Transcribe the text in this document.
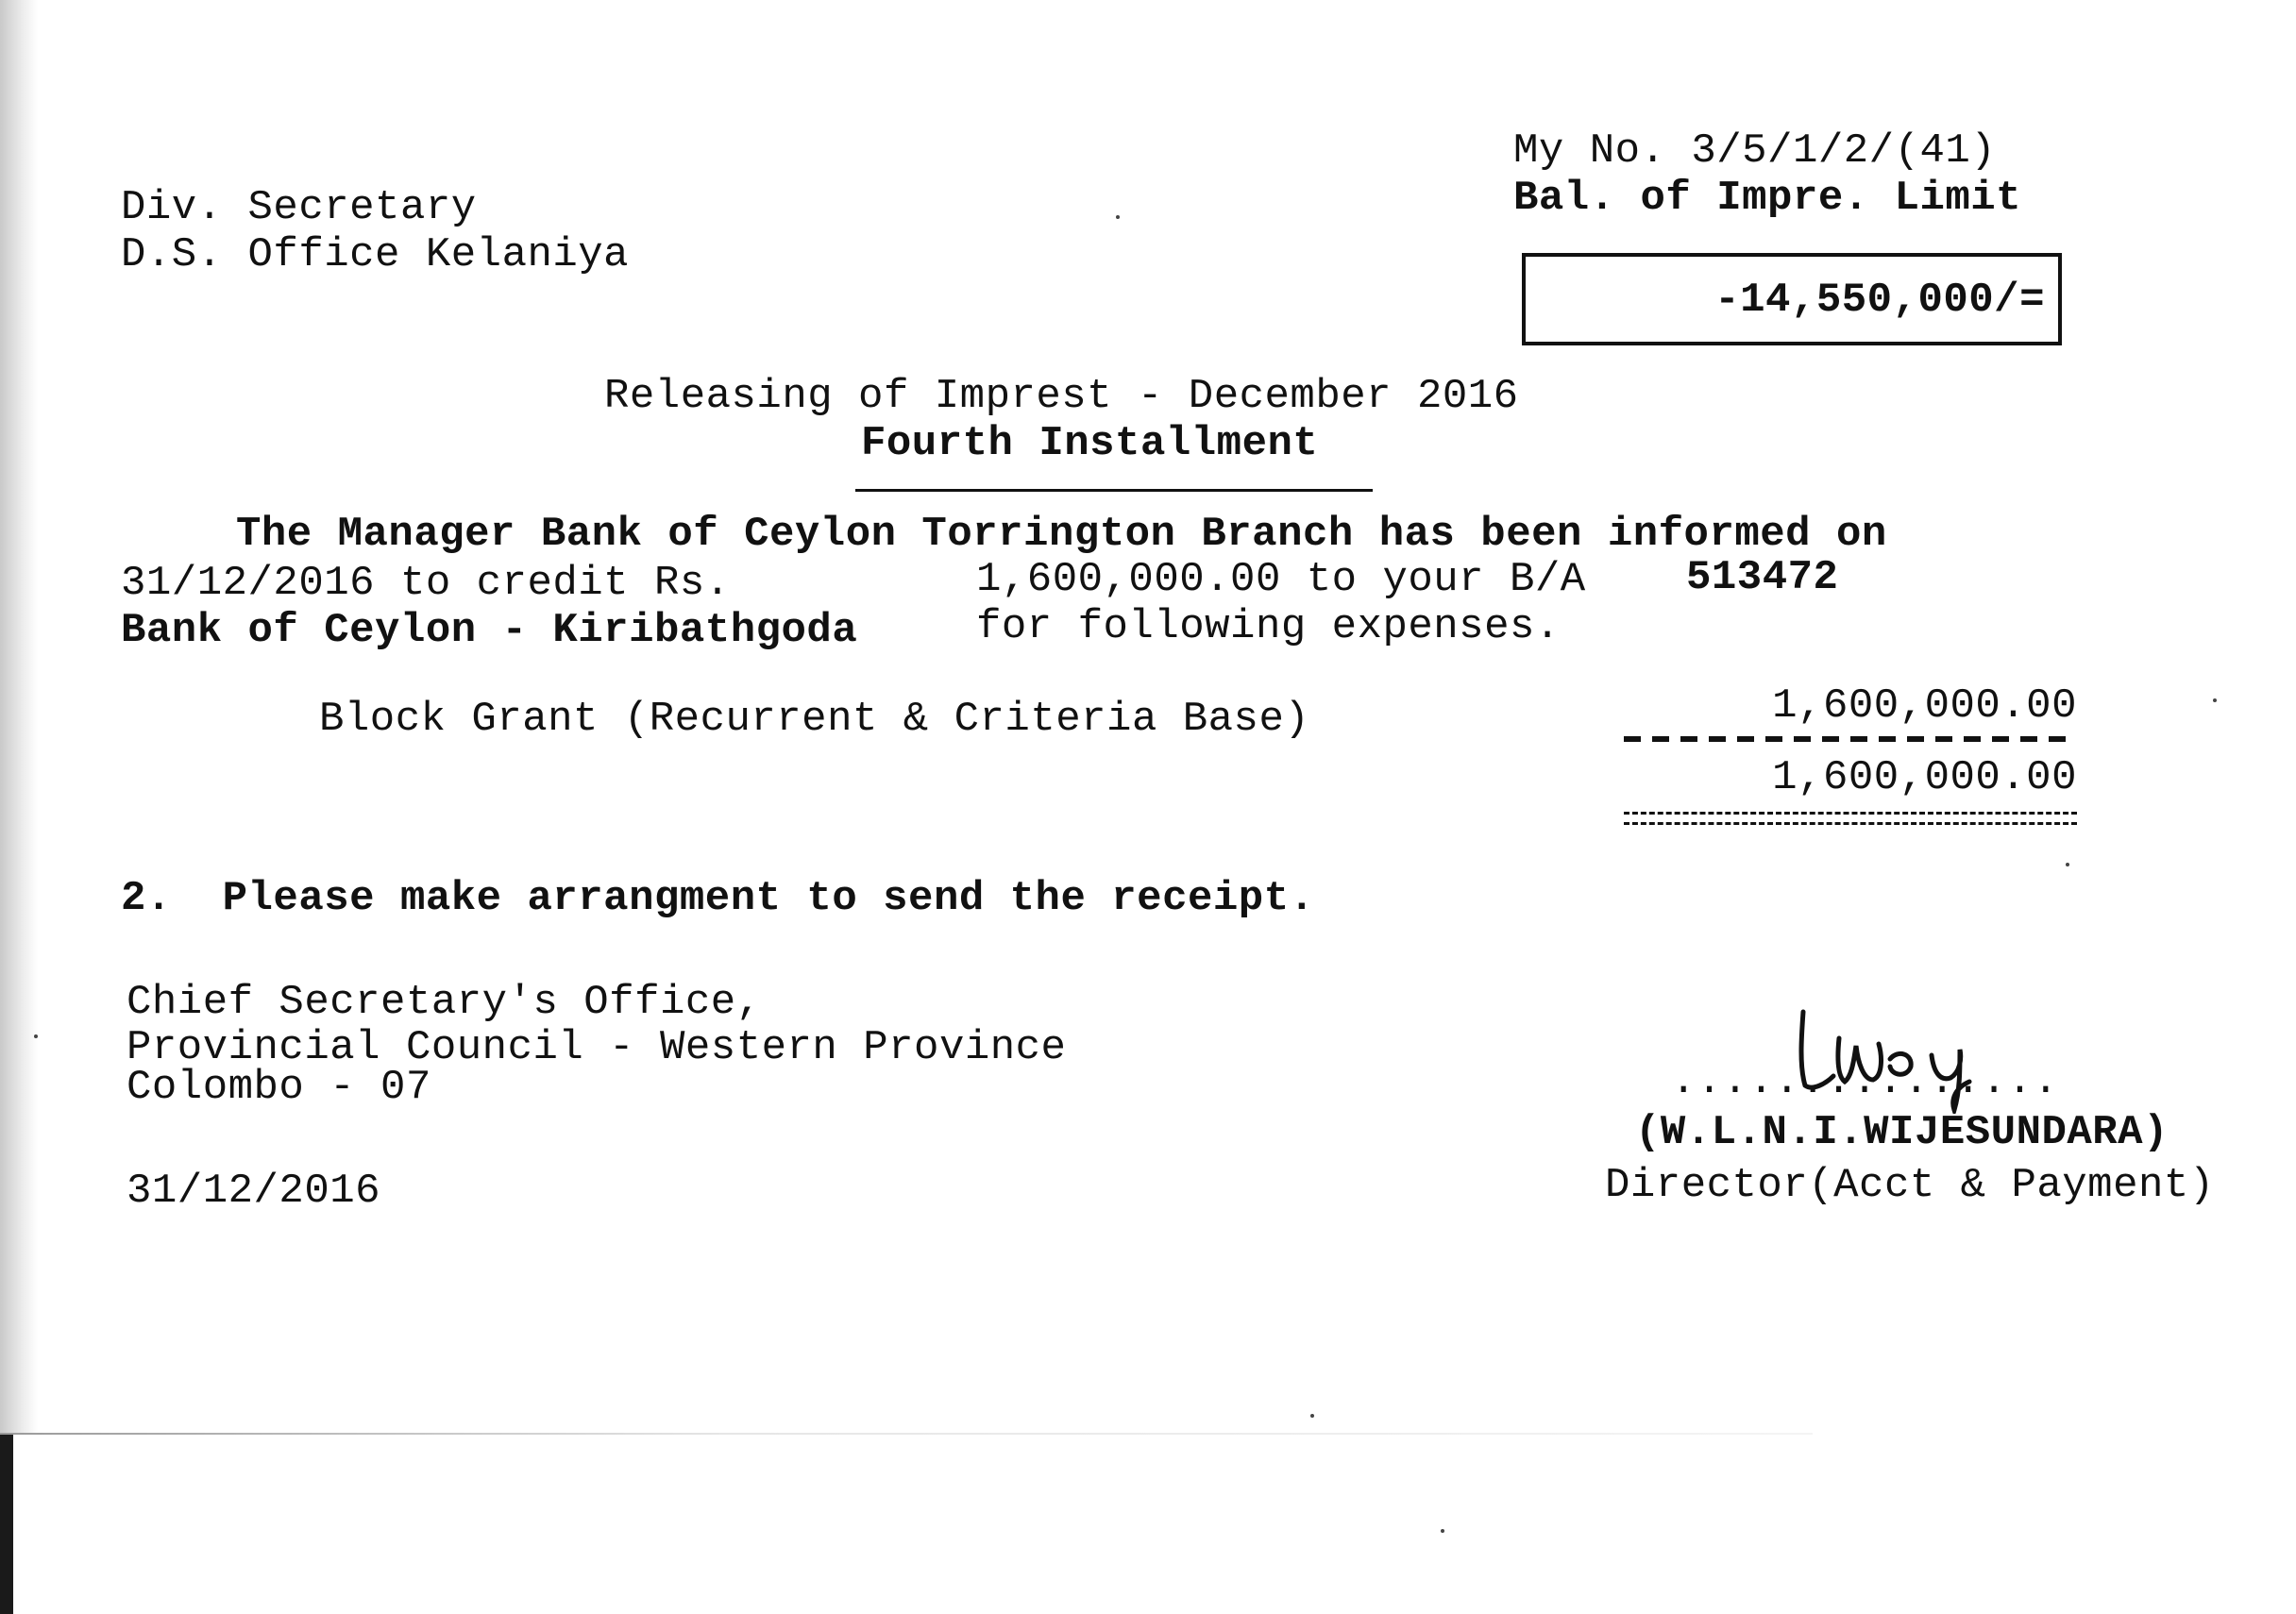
My No. 3/5/1/2/(41)
Bal. of Impre. Limit
-14,550,000/=
Div. Secretary
D.S. Office Kelaniya
Releasing of Imprest - December 2016
Fourth Installment
The Manager Bank of Ceylon Torrington Branch has been informed on
31/12/2016 to credit Rs.	1,600,000.00 to your B/A 513472
Bank of Ceylon - Kiribathgoda	for following expenses.
Block Grant (Recurrent & Criteria Base)	1,600,000.00
1,600,000.00
2.  Please make arrangment to send the receipt.
Chief Secretary's Office,
Provincial Council - Western Province
Colombo - 07
31/12/2016
...............
(W.L.N.I.WIJESUNDARA)
Director(Acct & Payment)
